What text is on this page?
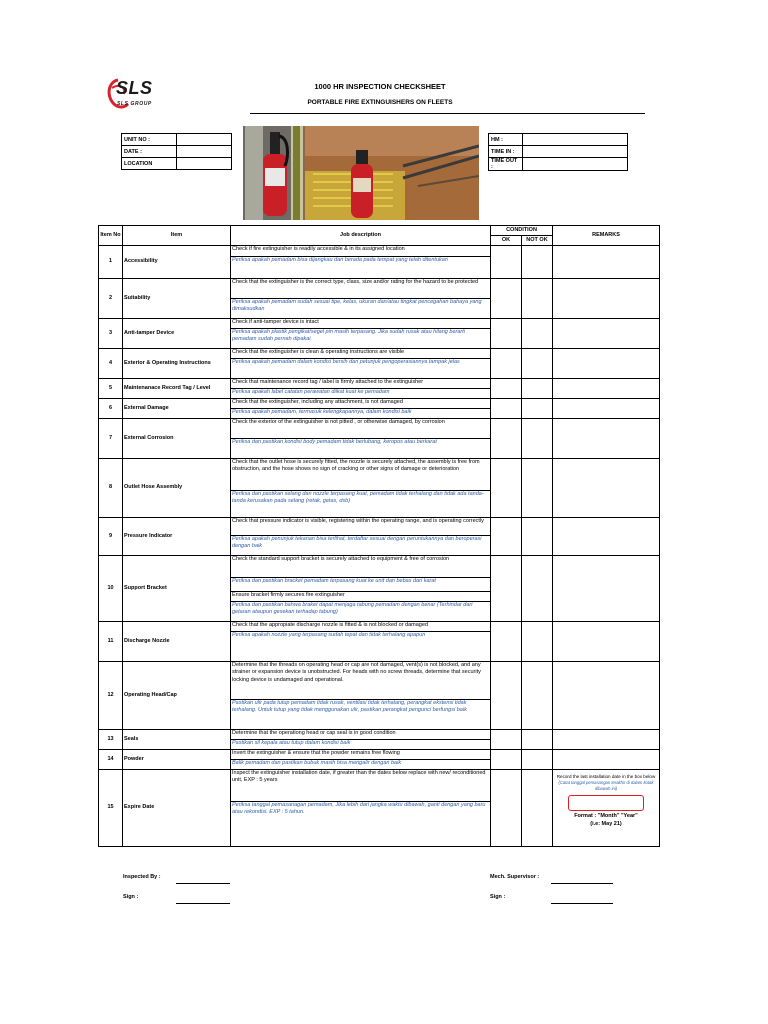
SLS
SLS GROUP
1000 HR INSPECTION CHECKSHEET
PORTABLE FIRE EXTINGUISHERS ON FLEETS
UNIT NO :	
DATE :	
LOCATION	
HM :	
TIME IN :	
TIME OUT :	
Item No	Item	Job description	CONDITION		REMARKS
			OK	NOT OK	
1	Accessibility	Check if fire extinguisher is readily accessible & in its assigned location			
		Periksa apakah pemadam bisa dijangkau dan berada pada tempat yang telah ditentukan			
2	Suitability	Check that the extinguisher is the correct type, class, size and/or rating for the hazard to be protected			
		Periksa apakah pemadam sudah sesuai tipe, kelas, ukuran dan/atau tingkat pencegahan bahaya yang dimaksudkan			
3	Anti-tamper Device	Check if anti-tamper device is intact			
		Periksa apakah plastik pengikat/segel pin masih terpasang. Jika sudah rusak atau hilang berarti pemadam sudah pernah dipakai			
4	Exterior & Operating Instructions	Check that the extinguisher is clean & operating instructions are visible			
		Periksa apakah pemadam dalam kondisi bersih dan petunjuk pengoperasiannya tampak jelas			
5	Maintenanace Record Tag / Level	Check that maintenance record tag / label is firmly attached to the extinguisher			
		Periksa apakah label catatan perawatan diikat kuat ke pemadam			
6	External Damage	Check that the extinguisher, including any attachment, is not damaged			
		Periksa apakah pemadam, termasuk kelengkapannya, dalam kondisi baik			
7	External Corrosion	Check the exterior of the extinguisher is not pitted , or otherwise damaged, by corrosion			
		Periksa dan pastikan kondisi body pemadam tidak berlubang, keropos atau berkarat			
8	Outlet Hose Assembly	Check that the outlet hose is securely fitted, the nozzle is securely attached, the assembly is free from obstruction, and the hose shows no sign of cracking or other signs of damage or deterioration			
		Periksa dan pastikan selang dan nozzle terpasang kuat, pemadam tidak terhalang dan tidak ada tanda-tanda kerusakan pada selang (retak, getas, dsb)			
9	Pressure Indicator	Check that pressure indicator is visible, registering within the operating range, and is operating correctly			
		Periksa apakah penunjuk tekanan bisa terlihat, terdaftar sesuai dengan peruntukannya dan beroperasi dengan baik			
10	Support Bracket	Check the standard support bracket is securely attached to equipment & free of corrosion			
		Periksa dan pastikan bracket pemadam terpasang kuat ke unit dan bebas dari karat			
		Ensure bracket firmly secures fire extinguisher			
		Periksa dan pastikan bahwa braket dapat menjaga tabung pemadam dengan benar (Terhindar dari getaran ataupun gesekan terhadap tabung)			
11	Discharge Nozzle	Check that the appropiate discharge nozzle is fitted & is not blocked or damaged			
		Periksa apakah nozzle yang terpasang sudah tepat dan tidak terhalang apapun			
12	Operating Head/Cap	Determine that the threads on operating head or cap are not damaged, vent(s) is not blocked, and any strainer or expansion device is unobstructed. For heads with no screw threads, determine that security locking device is undamaged and operational.			
		Pastikan ulir pada tutup pemadam tidak rusak, ventilasi tidak terhalang, perangkat ekstensi tidak terhalang. Untuk tutup yang tidak menggunakan ulir, pastikan perangkat pengunci berfungsi baik			
13	Seals	Determine that the operationg head or cap seal is in good condition			
		Pastikan sil kepala atau tutup dalam kondisi baik			
14	Powder	Invert the extinguisher & ensure that the powder remains free flowing			
		Balik pemadam dan pastikan bubuk masih bisa mengalir dengan baik			
15	Expire Date	Inspect the extinguisher installation date, if greater than the dates below replace with new/ reconditioned unit, EXP : 5 years			Record the last installation date in the box below
(Catat tanggal pemasangan terakhir di dalam kotak dibawah ini)
Format : "Month" "Year"
(i.e: May 21)

		Periksa tanggal pemasanagan pemadam, Jika lebih dari jangka waktu dibawah, ganti dengan yang baru atau rekondisi. EXP : 5 tahun.			
Inspected By :
Sign :
Mech. Supervisor :
Sign :
